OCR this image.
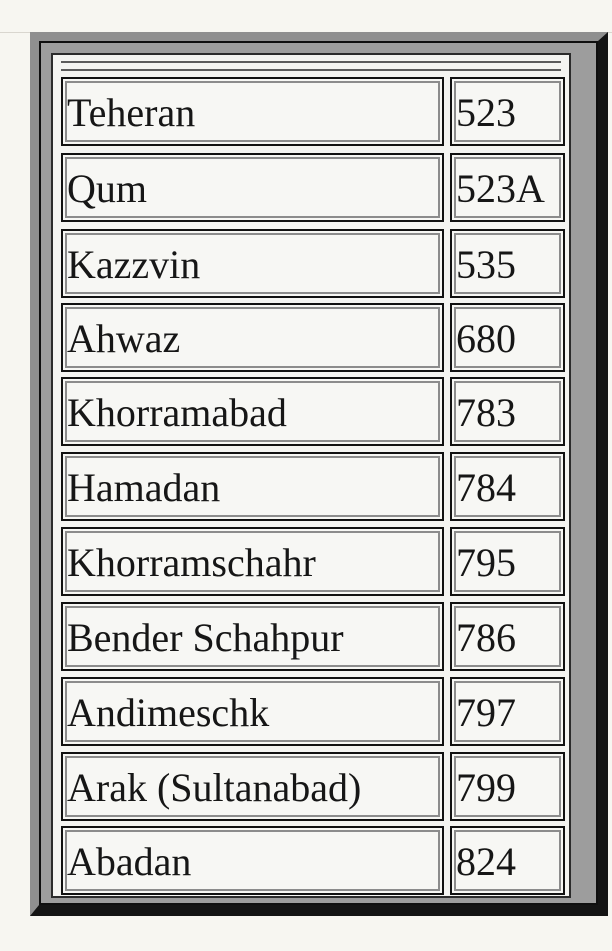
Teheran	523
Qum	523A
Kazzvin	535
Ahwaz	680
Khorramabad	783
Hamadan	784
Khorramschahr	795
Bender Schahpur	786
Andimeschk	797
Arak (Sultanabad) 799
Abadan	824
